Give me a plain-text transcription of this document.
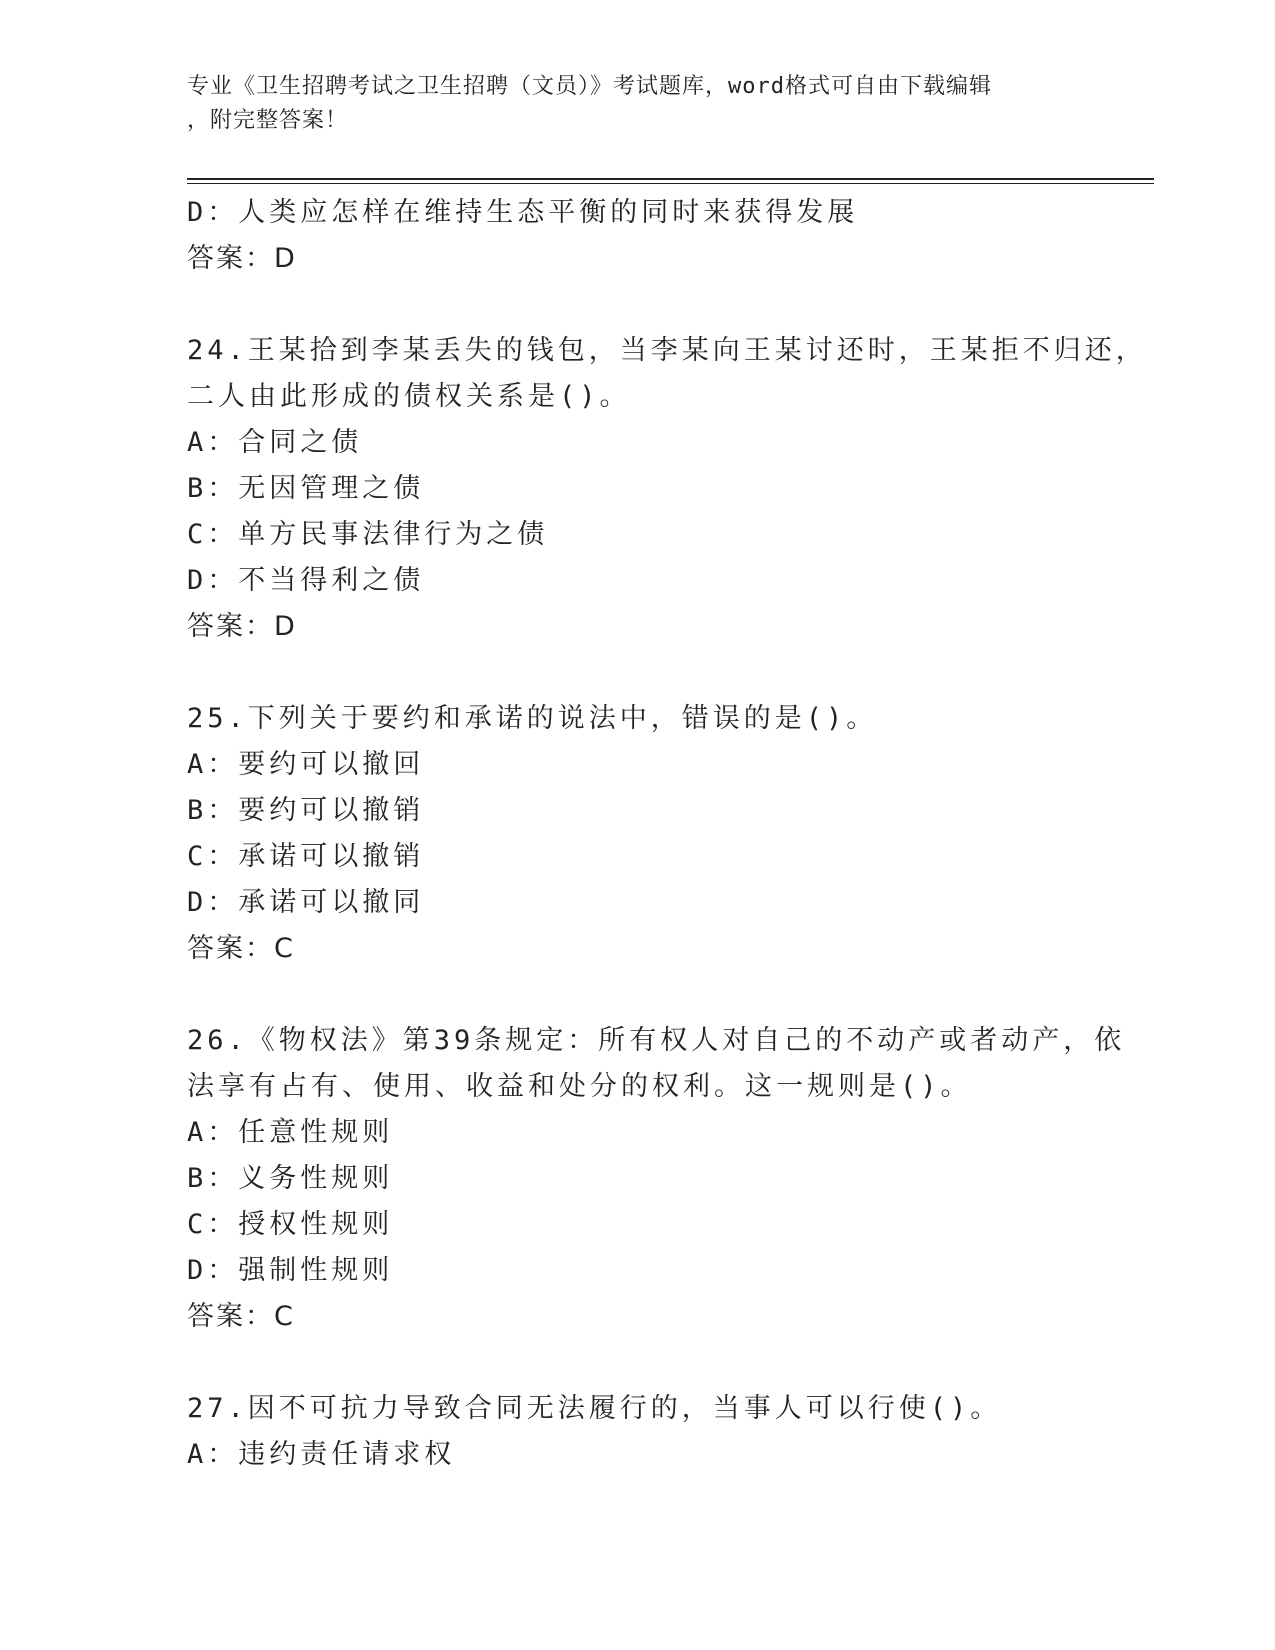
专业《卫生招聘考试之卫生招聘（文员）》考试题库，word格式可自由下载编辑
，附完整答案！
D：人类应怎样在维持生态平衡的同时来获得发展
答案：D
24.王某拾到李某丢失的钱包，当李某向王某讨还时，王某拒不归还，
二人由此形成的债权关系是()。
A：合同之债
B：无因管理之债
C：单方民事法律行为之债
D：不当得利之债
答案：D
25.下列关于要约和承诺的说法中，错误的是()。
A：要约可以撤回
B：要约可以撤销
C：承诺可以撤销
D：承诺可以撤同
答案：C
26.《物权法》第39条规定：所有权人对自己的不动产或者动产，依
法享有占有、使用、收益和处分的权利。这一规则是()。
A：任意性规则
B：义务性规则
C：授权性规则
D：强制性规则
答案：C
27.因不可抗力导致合同无法履行的，当事人可以行使()。
A：违约责任请求权
